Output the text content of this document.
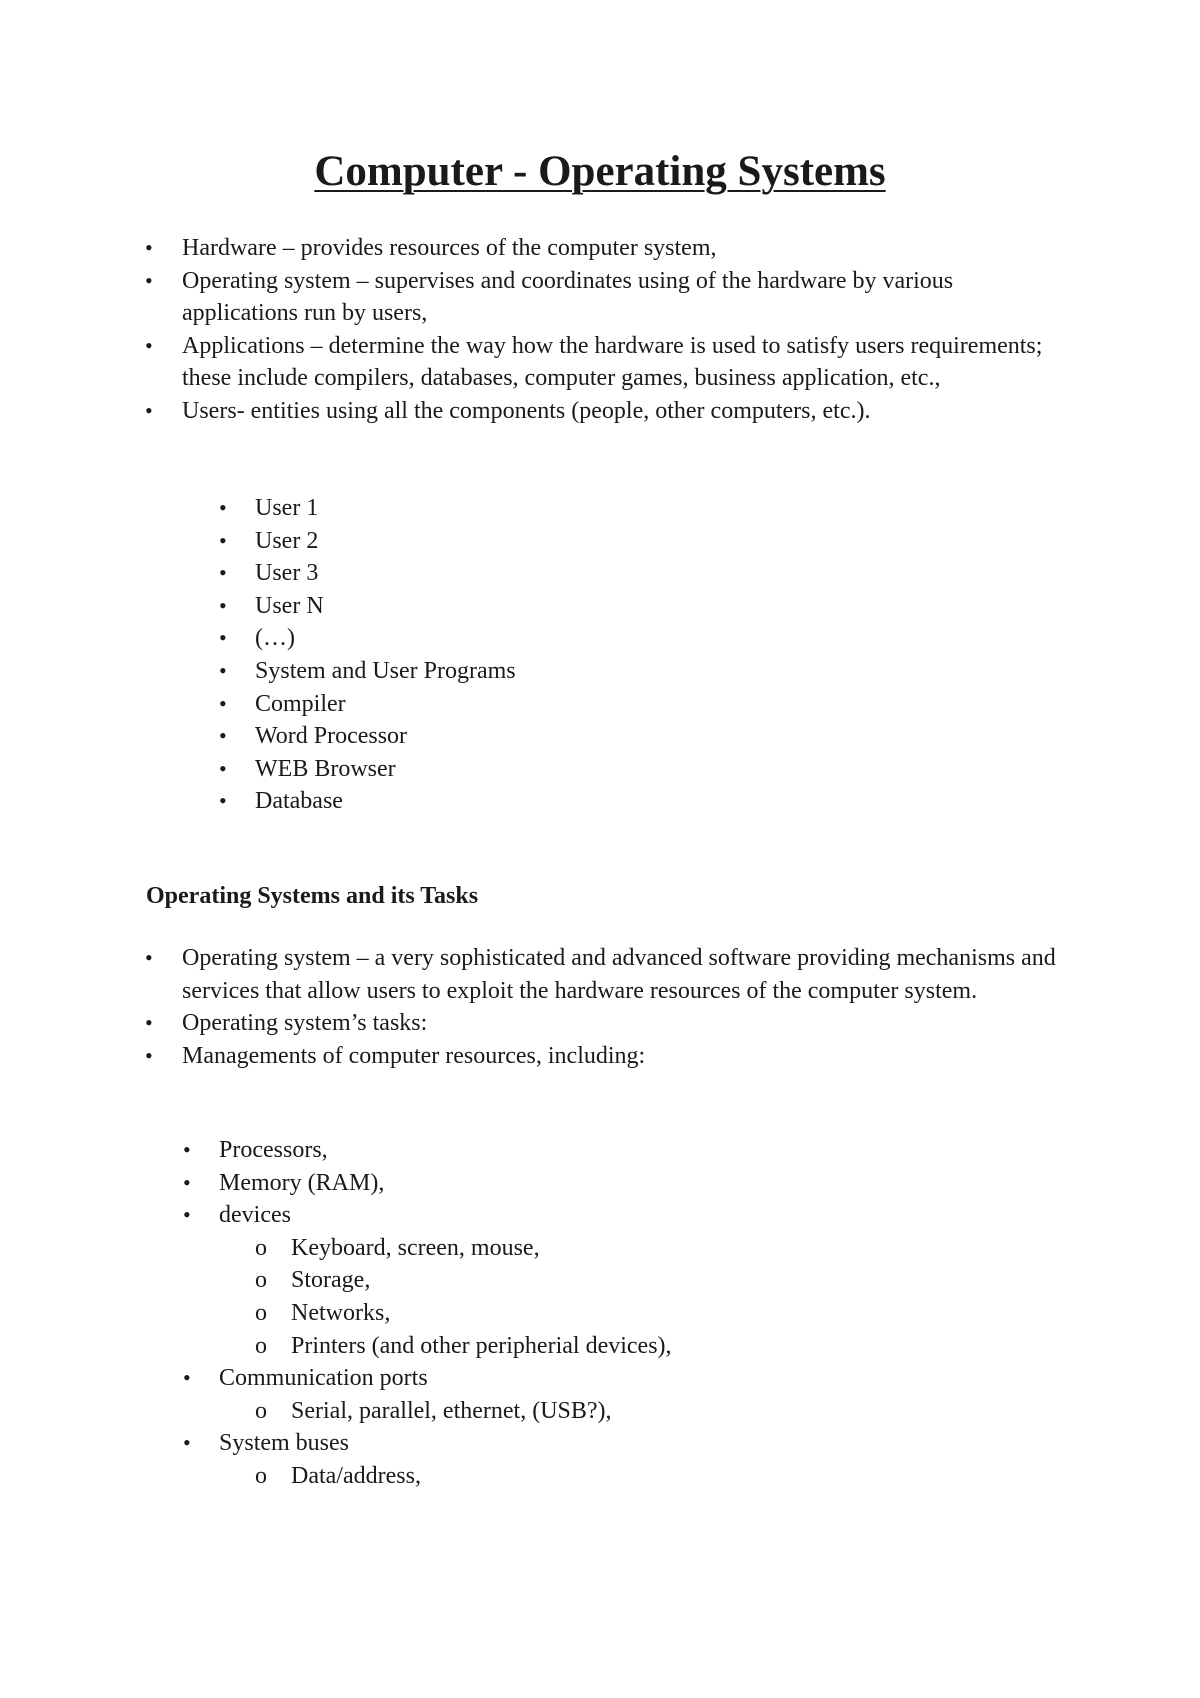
Computer - Operating Systems
• Hardware – provides resources of the computer system,
• Operating system – supervises and coordinates using of the hardware by various applications run by users,
• Applications – determine the way how the hardware is used to satisfy users requirements; these include compilers, databases, computer games, business application, etc.,
• Users- entities using all the components (people, other computers, etc.).
• User 1
• User 2
• User 3
• User N
• (…)
• System and User Programs
• Compiler
• Word Processor
• WEB Browser
• Database
Operating Systems and its Tasks
• Operating system – a very sophisticated and advanced software providing mechanisms and services that allow users to exploit the hardware resources of the computer system.
• Operating system’s tasks:
• Managements of computer resources, including:
• Processors,
• Memory (RAM),
• devices
o Keyboard, screen, mouse,
o Storage,
o Networks,
o Printers (and other peripherial devices),
• Communication ports
o Serial, parallel, ethernet, (USB?),
• System buses
o Data/address,
